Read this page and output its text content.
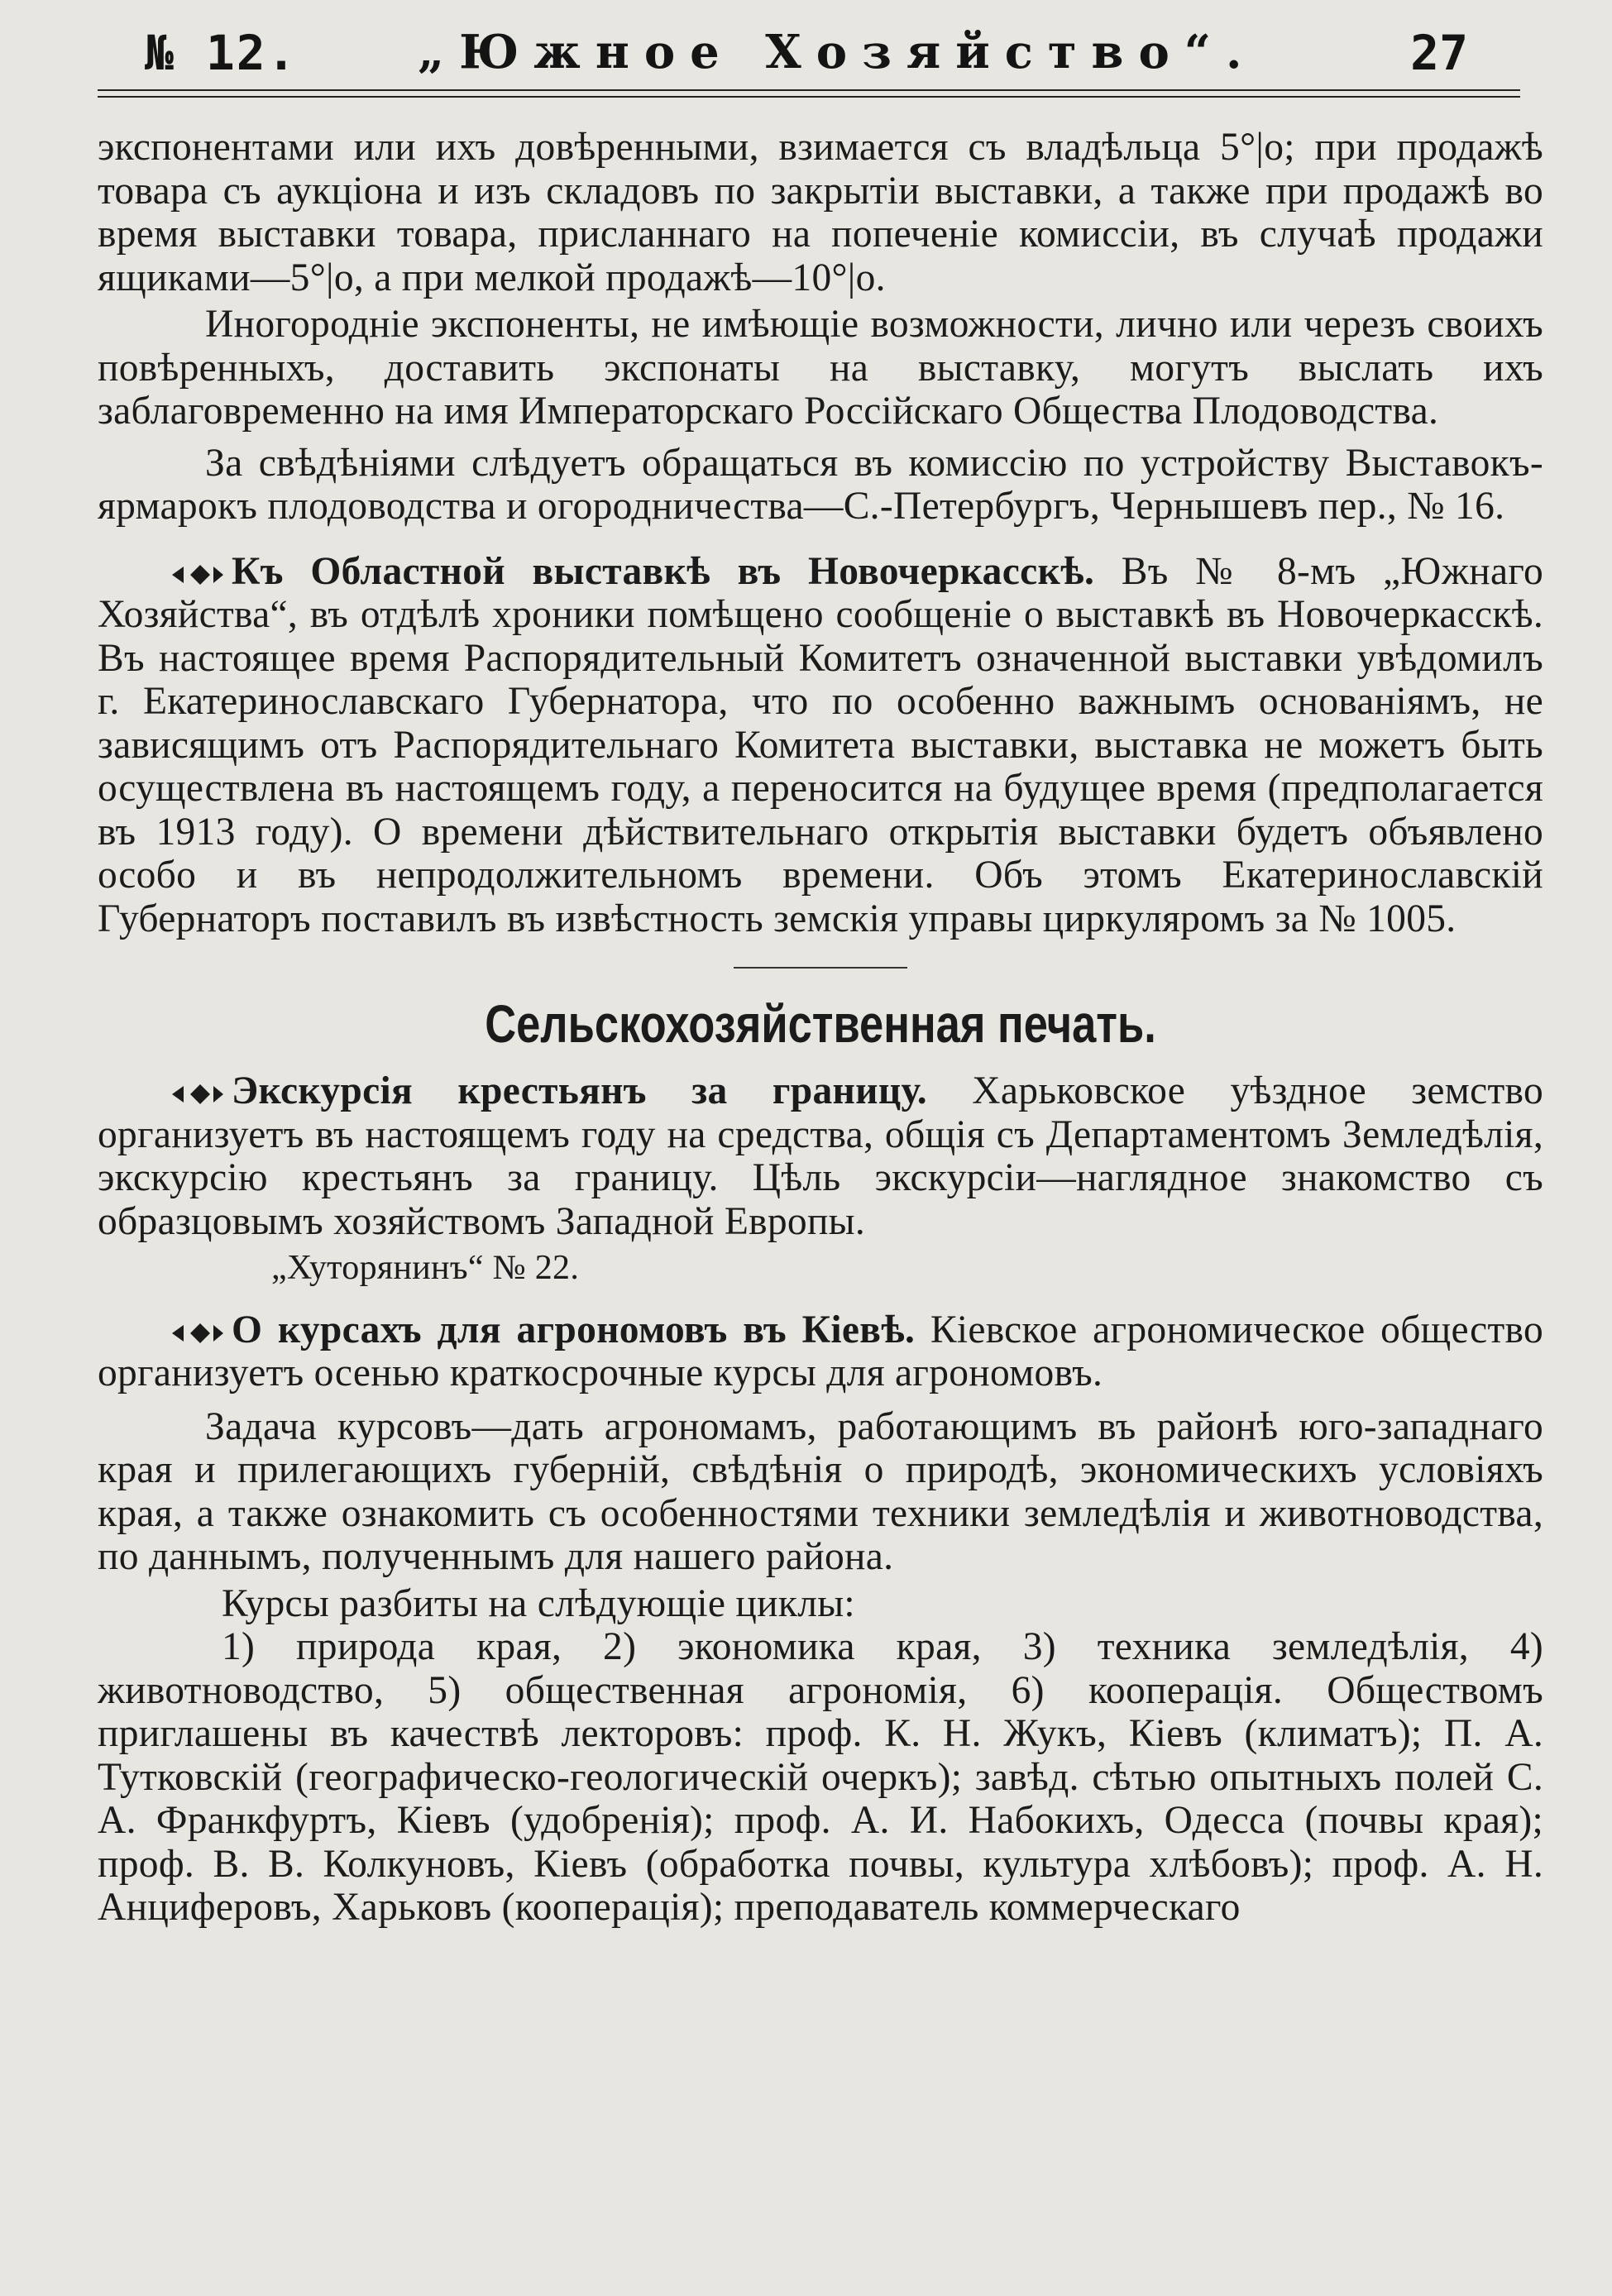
№ 12.	„Южное Хозяйство“.	27

экспонентами или ихъ довѣренными, взимается съ владѣльца 5°|о; при продажѣ товара съ аукціона и изъ складовъ по закрытіи выставки, а также при продажѣ во время выставки товара, присланнаго на попеченіе комиссіи, въ случаѣ продажи ящиками—5°|о, а при мелкой продажѣ—10°|о.

Иногородніе экспоненты, не имѣющіе возможности, лично или черезъ своихъ повѣренныхъ, доставить экспонаты на выставку, могутъ выслать ихъ заблаговременно на имя Императорскаго Россійскаго Общества Плодоводства.

За свѣдѣніями слѣдуетъ обращаться въ комиссію по устройству Выставокъ-ярмарокъ плодоводства и огородничества—С.-Петербургъ, Чернышевъ пер., № 16.

Къ Областной выставкѣ въ Новочеркасскѣ. Въ № 8-мъ „Южнаго Хозяйства“, въ отдѣлѣ хроники помѣщено сообщеніе о выставкѣ въ Новочеркасскѣ. Въ настоящее время Распорядительный Комитетъ означенной выставки увѣдомилъ г. Екатеринославскаго Губернатора, что по особенно важнымъ основаніямъ, не зависящимъ отъ Распорядительнаго Комитета выставки, выставка не можетъ быть осуществлена въ настоящемъ году, а переносится на будущее время (предполагается въ 1913 году). О времени дѣйствительнаго открытія выставки будетъ объявлено особо и въ непродолжительномъ времени. Объ этомъ Екатеринославскій Губернаторъ поставилъ въ извѣстность земскія управы циркуляромъ за № 1005.

Сельскохозяйственная печать.

Экскурсія крестьянъ за границу. Харьковское уѣздное земство организуетъ въ настоящемъ году на средства, общія съ Департаментомъ Земледѣлія, экскурсію крестьянъ за границу. Цѣль экскурсіи—наглядное знакомство съ образцовымъ хозяйствомъ Западной Европы.

„Хуторянинъ“ № 22.

О курсахъ для агрономовъ въ Кіевѣ. Кіевское агрономическое общество организуетъ осенью краткосрочные курсы для агрономовъ.

Задача курсовъ—дать агрономамъ, работающимъ въ районѣ юго-западнаго края и прилегающихъ губерній, свѣдѣнія о природѣ, экономическихъ условіяхъ края, а также ознакомить съ особенностями техники земледѣлія и животноводства, по даннымъ, полученнымъ для нашего района.

Курсы разбиты на слѣдующіе циклы:

1) природа края, 2) экономика края, 3) техника земледѣлія, 4) животноводство, 5) общественная агрономія, 6) кооперація. Обществомъ приглашены въ качествѣ лекторовъ: проф. К. Н. Жукъ, Кіевъ (климатъ); П. А. Тутковскій (географическо-геологическій очеркъ); завѣд. сѣтью опытныхъ полей С. А. Франкфуртъ, Кіевъ (удобренія); проф. А. И. Набокихъ, Одесса (почвы края); проф. В. В. Колкуновъ, Кіевъ (обработка почвы, культура хлѣбовъ); проф. А. Н. Анциферовъ, Харьковъ (кооперація); преподаватель коммерческаго
